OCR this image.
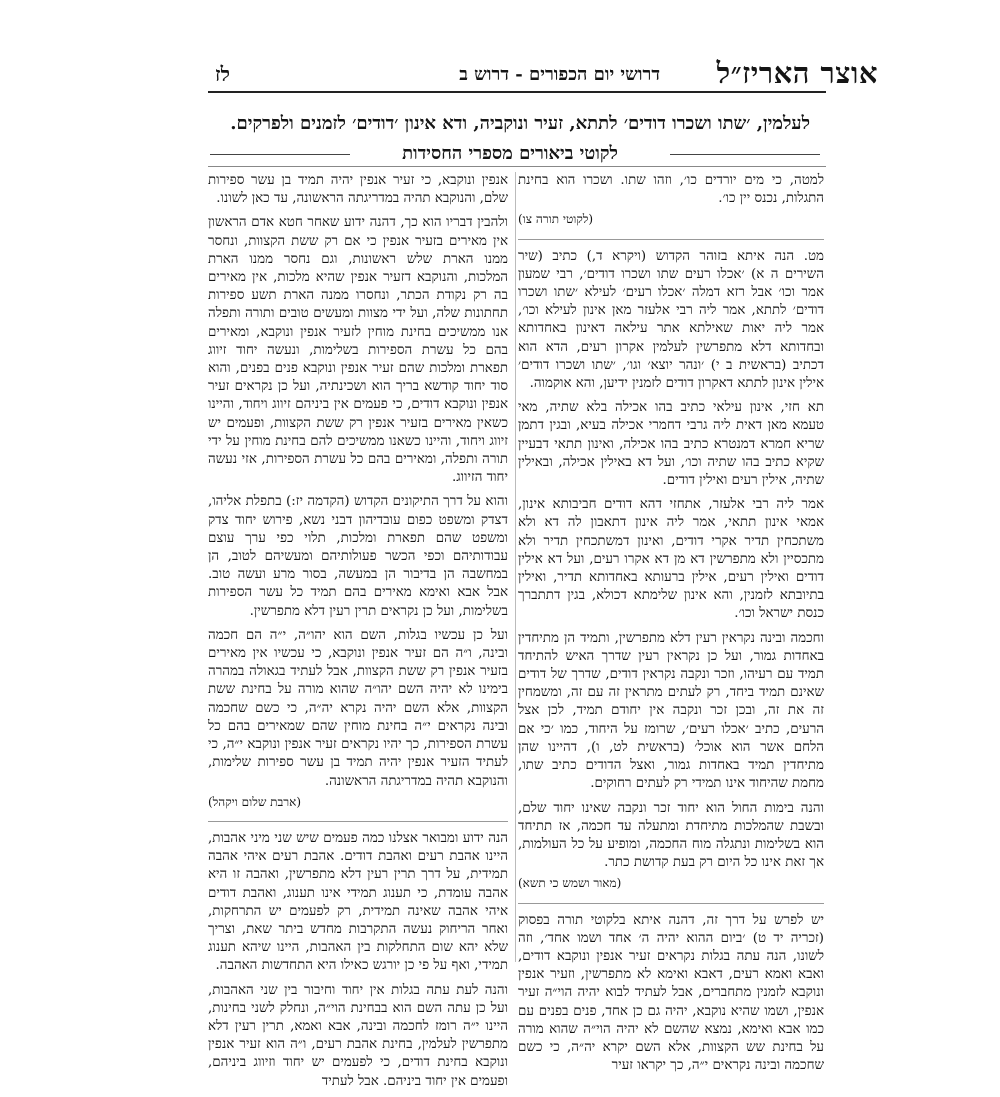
אוצר האריז״ל
דרושי יום הכפורים - דרוש ב
לז
לעלמין, ׳שתו ושכרו דודים׳ לתתא, זעיר ונוקביה, ודא אינון ׳דודים׳ לזמנים ולפרקים.
לקוטי ביאורים מספרי החסידות

למטה, כי מים יורדים כו׳, וזהו שתו. ושכרו הוא בחינת התגלות, נכנס יין כו׳.

(לקוטי תורה צו)

מט. הנה איתא בזוהר הקדוש (ויקרא ד,) כתיב (שיר השירים ה א) ׳אכלו רעים שתו ושכרו דודים׳, רבי שמעון אמר וכו׳ אבל רזא דמלה ׳אכלו רעים׳ לעילא ׳שתו ושכרו דודים׳ לתתא, אמר ליה רבי אלעזר מאן אינון לעילא וכו׳, אמר ליה יאות שאילתא אתר עילאה דאינון באחדותא ובחדותא דלא מתפרשין לעלמין אקרון רעים, הדא הוא דכתיב (בראשית ב י) ׳ונהר יוצא׳ וגו׳, ׳שתו ושכרו דודים׳ אילין אינון לתתא דאקרון דודים לזמנין ידיען, והא אוקמוה.

תא חזי, אינון עילאי כתיב בהו אכילה בלא שתיה, מאי טעמא מאן דאית ליה גרבי דחמרי אכילה בעיא, ובגין דתמן שריא חמרא דמנטרא כתיב בהו אכילה, ואינון תתאי דבעיין שקיא כתיב בהו שתיה וכו׳, ועל דא באילין אכילה, ובאילין שתיה, אילין רעים ואילין דודים.

אמר ליה רבי אלעזר, אתחזי דהא דודים חביבותא אינון, אמאי אינון תתאי, אמר ליה אינון דתאבון לה דא ולא משתכחין תדיר אקרי דודים, ואינון דמשתכחין תדיר ולא מתכסיין ולא מתפרשין דא מן דא אקרו רעים, ועל דא אילין דודים ואילין רעים, אילין ברעותא באחדותא תדיר, ואילין בתיובתא לזמנין, והא אינון שלימתא דכולא, בגין דתתברך כנסת ישראל וכו׳.

וחכמה ובינה נקראין רעין דלא מתפרשין, ותמיד הן מתיחדין באחדות גמור, ועל כן נקראין רעין שדרך האיש להתיחד תמיד עם רעיהו, וזכר ונקבה נקראין דודים, שדרך של דודים שאינם תמיד ביחד, רק לעתים מתראין זה עם זה, ומשמחין זה את זה, ובכן זכר ונקבה אין יחודם תמיד, לכן אצל הרעים, כתיב ׳אכלו רעים׳, שרומז על היחוד, כמו ׳כי אם הלחם אשר הוא אוכל׳ (בראשית לט, ו), דהיינו שהן מתיחדין תמיד באחדות גמור, ואצל הדודים כתיב שתו, מחמת שהיחוד אינו תמידי רק לעתים רחוקים.

והנה בימות החול הוא יחוד זכר ונקבה שאינו יחוד שלם, ובשבת שהמלכות מתיחדת ומתעלה עד חכמה, אז תתיחד הוא בשלימות ונתגלה מוח החכמה, ומופיע על כל העולמות, אך זאת אינו כל היום רק בעת קדושת כתר.

(מאור ושמש כי תשא)

יש לפרש על דרך זה, דהנה איתא בלקוטי תורה בפסוק (זכריה יד ט) ׳ביום ההוא יהיה ה׳ אחד ושמו אחד׳, וזה לשונו, הנה עתה בגלות נקראים זעיר אנפין ונוקבא דודים, ואבא ואמא רעים, דאבא ואימא לא מתפרשין, וזעיר אנפין ונוקבא לזמנין מתחברים, אבל לעתיד לבוא יהיה הוי״ה זעיר אנפין, ושמו שהיא נוקבא, יהיה גם כן אחד, פנים בפנים עם כמו אבא ואימא, נמצא שהשם לא יהיה הוי״ה שהוא מורה על בחינת שש הקצוות, אלא השם יקרא יה״ה, כי כשם שחכמה ובינה נקראים י״ה, כך יקראו זעיר

אנפין ונוקבא, כי זעיר אנפין יהיה תמיד בן עשר ספירות שלם, והנוקבא תהיה במדריגתה הראשונה, עד כאן לשונו.

ולהבין דבריו הוא כך, דהנה ידוע שאחר חטא אדם הראשון אין מאירים בזעיר אנפין כי אם רק ששת הקצוות, ונחסר ממנו הארת שלש ראשונות, וגם נחסר ממנו הארת המלכות, והנוקבא דזעיר אנפין שהיא מלכות, אין מאירים בה רק נקודת הכתר, ונחסרו ממנה הארת תשע ספירות תחתונות שלה, ועל ידי מצוות ומעשים טובים ותורה ותפלה אנו ממשיכים בחינת מוחין לזעיר אנפין ונוקבא, ומאירים בהם כל עשרת הספירות בשלימות, ונעשה יחוד זיווג תפארת ומלכות שהם זעיר אנפין ונוקבא פנים בפנים, והוא סוד יחוד קודשא בריך הוא ושכינתיה, ועל כן נקראים זעיר אנפין ונוקבא דודים, כי פעמים אין ביניהם זיווג ויחוד, והיינו כשאין מאירים בזעיר אנפין רק ששת הקצוות, ופעמים יש זיווג ויחוד, והיינו כשאנו ממשיכים להם בחינת מוחין על ידי תורה ותפלה, ומאירים בהם כל עשרת הספירות, אזי נעשה יחוד הזיווג.

והוא על דרך התיקונים הקדוש (הקדמה יז:) בתפלת אליהו, דצדק ומשפט כפום עובדיהון דבני נשא, פירוש יחוד צדק ומשפט שהם תפארת ומלכות, תלוי כפי ערך עוצם עבודותיהם וכפי הכשר פעולותיהם ומעשיהם לטוב, הן במחשבה הן בדיבור הן במעשה, בסור מרע ועשה טוב. אבל אבא ואימא מאירים בהם תמיד כל עשר הספירות בשלימות, ועל כן נקראים תרין רעין דלא מתפרשין.

ועל כן עכשיו בגלות, השם הוא יהו״ה, י״ה הם חכמה ובינה, ו״ה הם זעיר אנפין ונוקבא, כי עכשיו אין מאירים בזעיר אנפין רק ששת הקצוות, אבל לעתיד בגאולה במהרה בימינו לא יהיה השם יהו״ה שהוא מורה על בחינת ששת הקצוות, אלא השם יהיה נקרא יה״ה, כי כשם שחכמה ובינה נקראים י״ה בחינת מוחין שהם שמאירים בהם כל עשרת הספירות, כך יהיו נקראים זעיר אנפין ונוקבא י״ה, כי לעתיד הזעיר אנפין יהיה תמיד בן עשר ספירות שלימות, והנוקבא תהיה במדריגתה הראשונה.

(ארבת שלום ויקהל)

הנה ידוע ומבואר אצלנו כמה פעמים שיש שני מיני אהבות, היינו אהבת רעים ואהבת דודים. אהבת רעים איהי אהבה תמידית, על דרך תרין רעין דלא מתפרשין, ואהבה זו היא אהבה עומדת, כי תענוג תמידי אינו תענוג, ואהבת דודים איהי אהבה שאינה תמידית, רק לפעמים יש התרחקות, ואחר הריחוק נעשה התקרבות מחדש ביתר שאת, וצריך שלא יהא שום התחלקות בין האהבות, היינו שיהא תענוג תמידי, ואף על פי כן יורגש כאילו היא התחדשות האהבה.

והנה לעת עתה בגלות אין יחוד וחיבור בין שני האהבות, ועל כן עתה השם הוא בבחינת הוי״ה, ונחלק לשני בחינות, היינו י״ה רומז לחכמה ובינה, אבא ואמא, תרין רעין דלא מתפרשין לעלמין, בחינת אהבת רעים, ו״ה הוא זעיר אנפין ונוקבא בחינת דודים, כי לפעמים יש יחוד וזיווג ביניהם, ופעמים אין יחוד ביניהם. אבל לעתיד
